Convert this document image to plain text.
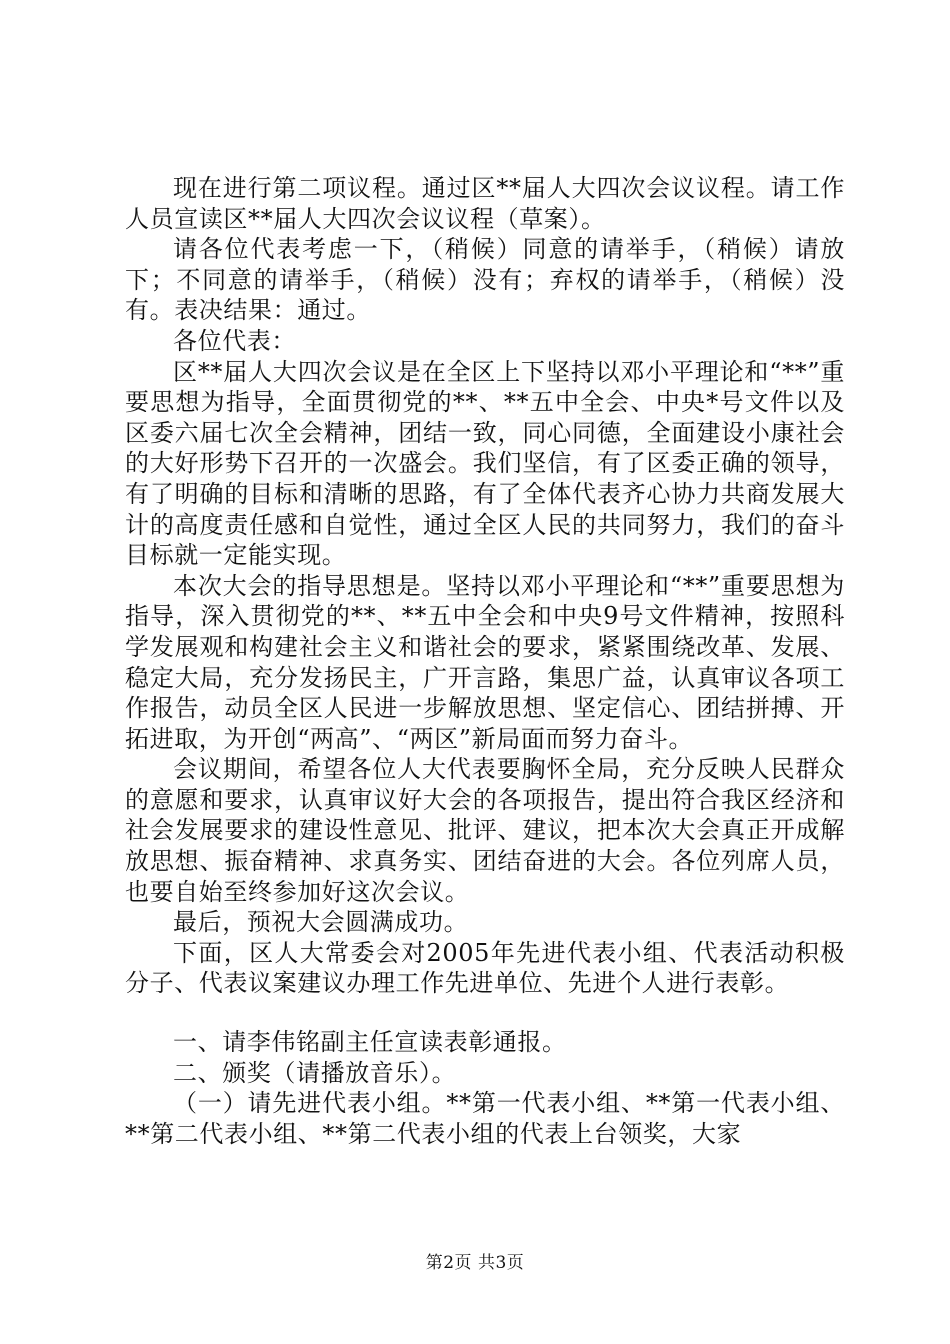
现在进行第二项议程。通过区**届人大四次会议议程。请工作人员宣读区**届人大四次会议议程（草案）。

请各位代表考虑一下，（稍候）同意的请举手，（稍候）请放下；不同意的请举手，（稍候）没有；弃权的请举手，（稍候）没有。表决结果：通过。

各位代表：

区**届人大四次会议是在全区上下坚持以邓小平理论和“**”重要思想为指导，全面贯彻党的**、**五中全会、中央*号文件以及区委六届七次全会精神，团结一致，同心同德，全面建设小康社会的大好形势下召开的一次盛会。我们坚信，有了区委正确的领导，有了明确的目标和清晰的思路，有了全体代表齐心协力共商发展大计的高度责任感和自觉性，通过全区人民的共同努力，我们的奋斗目标就一定能实现。

本次大会的指导思想是。坚持以邓小平理论和“**”重要思想为指导，深入贯彻党的**、**五中全会和中央9号文件精神，按照科学发展观和构建社会主义和谐社会的要求，紧紧围绕改革、发展、稳定大局，充分发扬民主，广开言路，集思广益，认真审议各项工作报告，动员全区人民进一步解放思想、坚定信心、团结拼搏、开拓进取，为开创“两高”、“两区”新局面而努力奋斗。

会议期间，希望各位人大代表要胸怀全局，充分反映人民群众的意愿和要求，认真审议好大会的各项报告，提出符合我区经济和社会发展要求的建设性意见、批评、建议，把本次大会真正开成解放思想、振奋精神、求真务实、团结奋进的大会。各位列席人员，也要自始至终参加好这次会议。

最后，预祝大会圆满成功。

下面，区人大常委会对2005年先进代表小组、代表活动积极分子、代表议案建议办理工作先进单位、先进个人进行表彰。

一、请李伟铭副主任宣读表彰通报。

二、颁奖（请播放音乐）。

（一）请先进代表小组。**第一代表小组、**第一代表小组、**第二代表小组、**第二代表小组的代表上台领奖，大家

第2页 共3页
